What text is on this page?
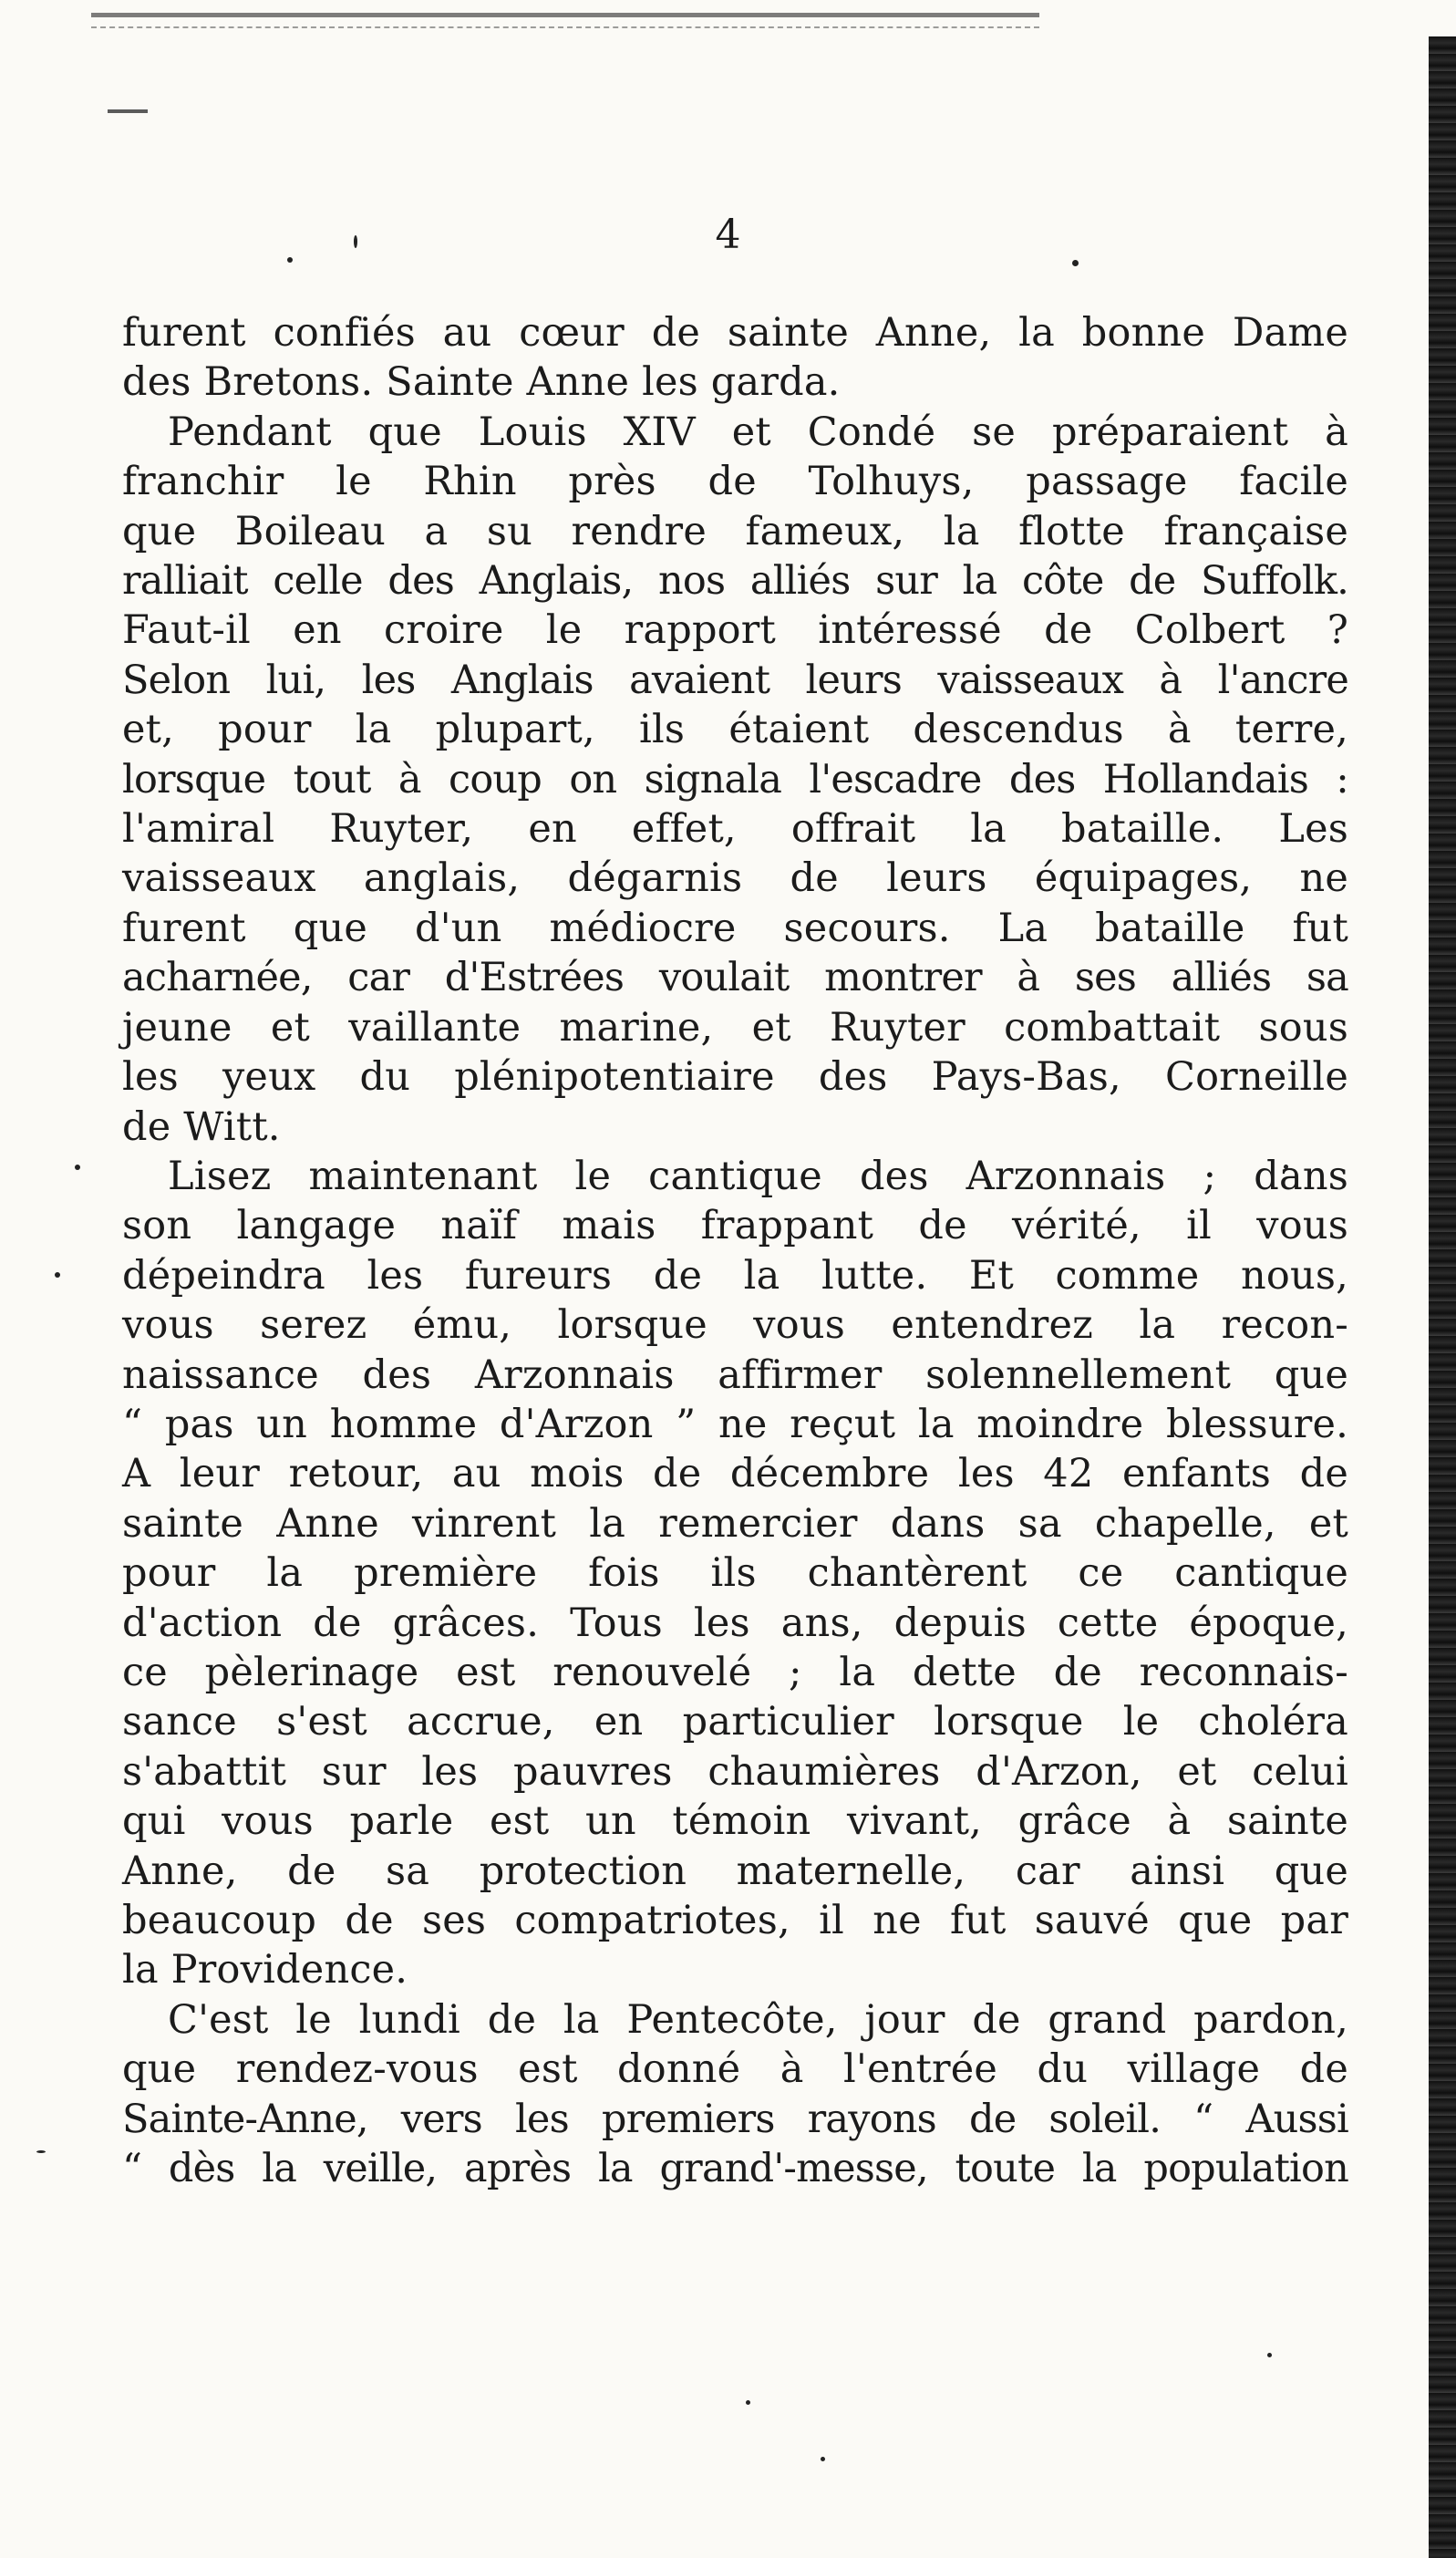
4
furent confiés au cœur de sainte Anne, la bonne Dame
des Bretons. Sainte Anne les garda.
Pendant que Louis XIV et Condé se préparaient à
franchir le Rhin près de Tolhuys, passage facile
que Boileau a su rendre fameux, la flotte française
ralliait celle des Anglais, nos alliés sur la côte de Suffolk.
Faut-il en croire le rapport intéressé de Colbert ?
Selon lui, les Anglais avaient leurs vaisseaux à l'ancre
et, pour la plupart, ils étaient descendus à terre,
lorsque tout à coup on signala l'escadre des Hollandais :
l'amiral Ruyter, en effet, offrait la bataille. Les
vaisseaux anglais, dégarnis de leurs équipages, ne
furent que d'un médiocre secours. La bataille fut
acharnée, car d'Estrées voulait montrer à ses alliés sa
jeune et vaillante marine, et Ruyter combattait sous
les yeux du plénipotentiaire des Pays-Bas, Corneille
de Witt.
Lisez maintenant le cantique des Arzonnais ; dans
son langage naïf mais frappant de vérité, il vous
dépeindra les fureurs de la lutte. Et comme nous,
vous serez ému, lorsque vous entendrez la recon-
naissance des Arzonnais affirmer solennellement que
“ pas un homme d'Arzon ” ne reçut la moindre blessure.
A leur retour, au mois de décembre les 42 enfants de
sainte Anne vinrent la remercier dans sa chapelle, et
pour la première fois ils chantèrent ce cantique
d'action de grâces. Tous les ans, depuis cette époque,
ce pèlerinage est renouvelé ; la dette de reconnais-
sance s'est accrue, en particulier lorsque le choléra
s'abattit sur les pauvres chaumières d'Arzon, et celui
qui vous parle est un témoin vivant, grâce à sainte
Anne, de sa protection maternelle, car ainsi que
beaucoup de ses compatriotes, il ne fut sauvé que par
la Providence.
C'est le lundi de la Pentecôte, jour de grand pardon,
que rendez-vous est donné à l'entrée du village de
Sainte-Anne, vers les premiers rayons de soleil. “ Aussi
“ dès la veille, après la grand'-messe, toute la population
